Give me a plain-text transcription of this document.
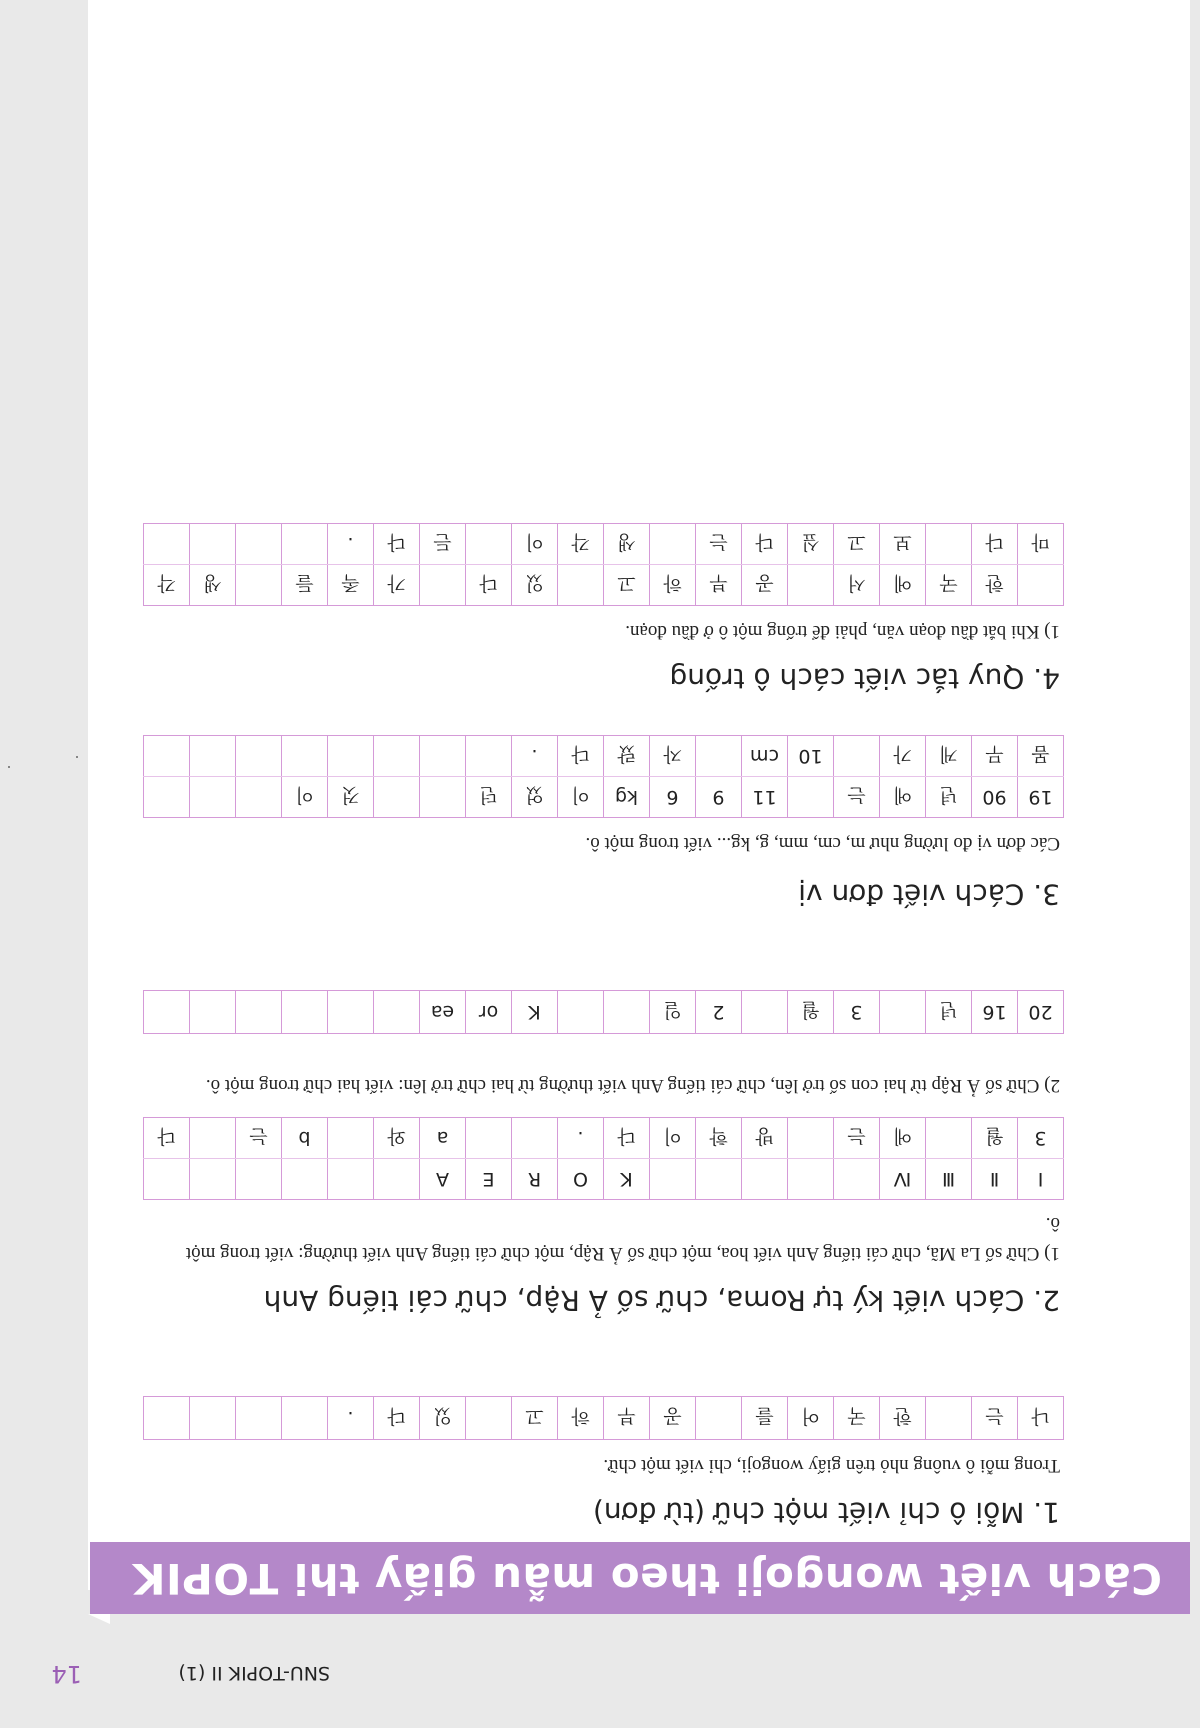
14	SNU-TOPIK II (1)
Cách viết wongoji theo mẫu giấy thi TOPIK
1. Mỗi ô chỉ viết một chữ (từ đơn)
Trong mỗi ô vuông nhỏ trên giấy wongoji, chỉ viết một chữ.
나	는		한	국	어	를		공	부	하	고		있	다	.				
2. Cách viết ký tự Roma, chữ số Ả Rập, chữ cái tiếng Anh
1) Chữ số La Mã, chữ cái tiếng Anh viết hoa, một chữ số Ả Rập, một chữ cái tiếng Anh viết thường: viết trong một ô.
Ⅰ	Ⅱ	Ⅲ	Ⅳ						K	O	R	E	A						
3	월		에	는		방	학	이	다	.			a	와		b	는		다
2) Chữ số Ả Rập từ hai con số trở lên, chữ cái tiếng Anh viết thường từ hai chữ trở lên: viết hai chữ trong một ô.
20	16	년		3	월		2	일			K	or	ea						
3. Cách viết đơn vị
Các đơn vị đo lường như m, cm, mm, g, kg... viết trong một ô.
19	90	년	에	는		11	9	6	kg	이	었	던			것	이			
몸	무	게	가		10	cm		자	랐	다	.								
4. Quy tắc viết cách ô trống
1) Khi bắt đầu đoạn văn, phải để trống một ô ở đầu đoạn.
	한	국	에	서		공	부	하	고		있	다		가	족	들		생	각
마	다		보	고	싶	다	는		생	각	이		든	다	.				
